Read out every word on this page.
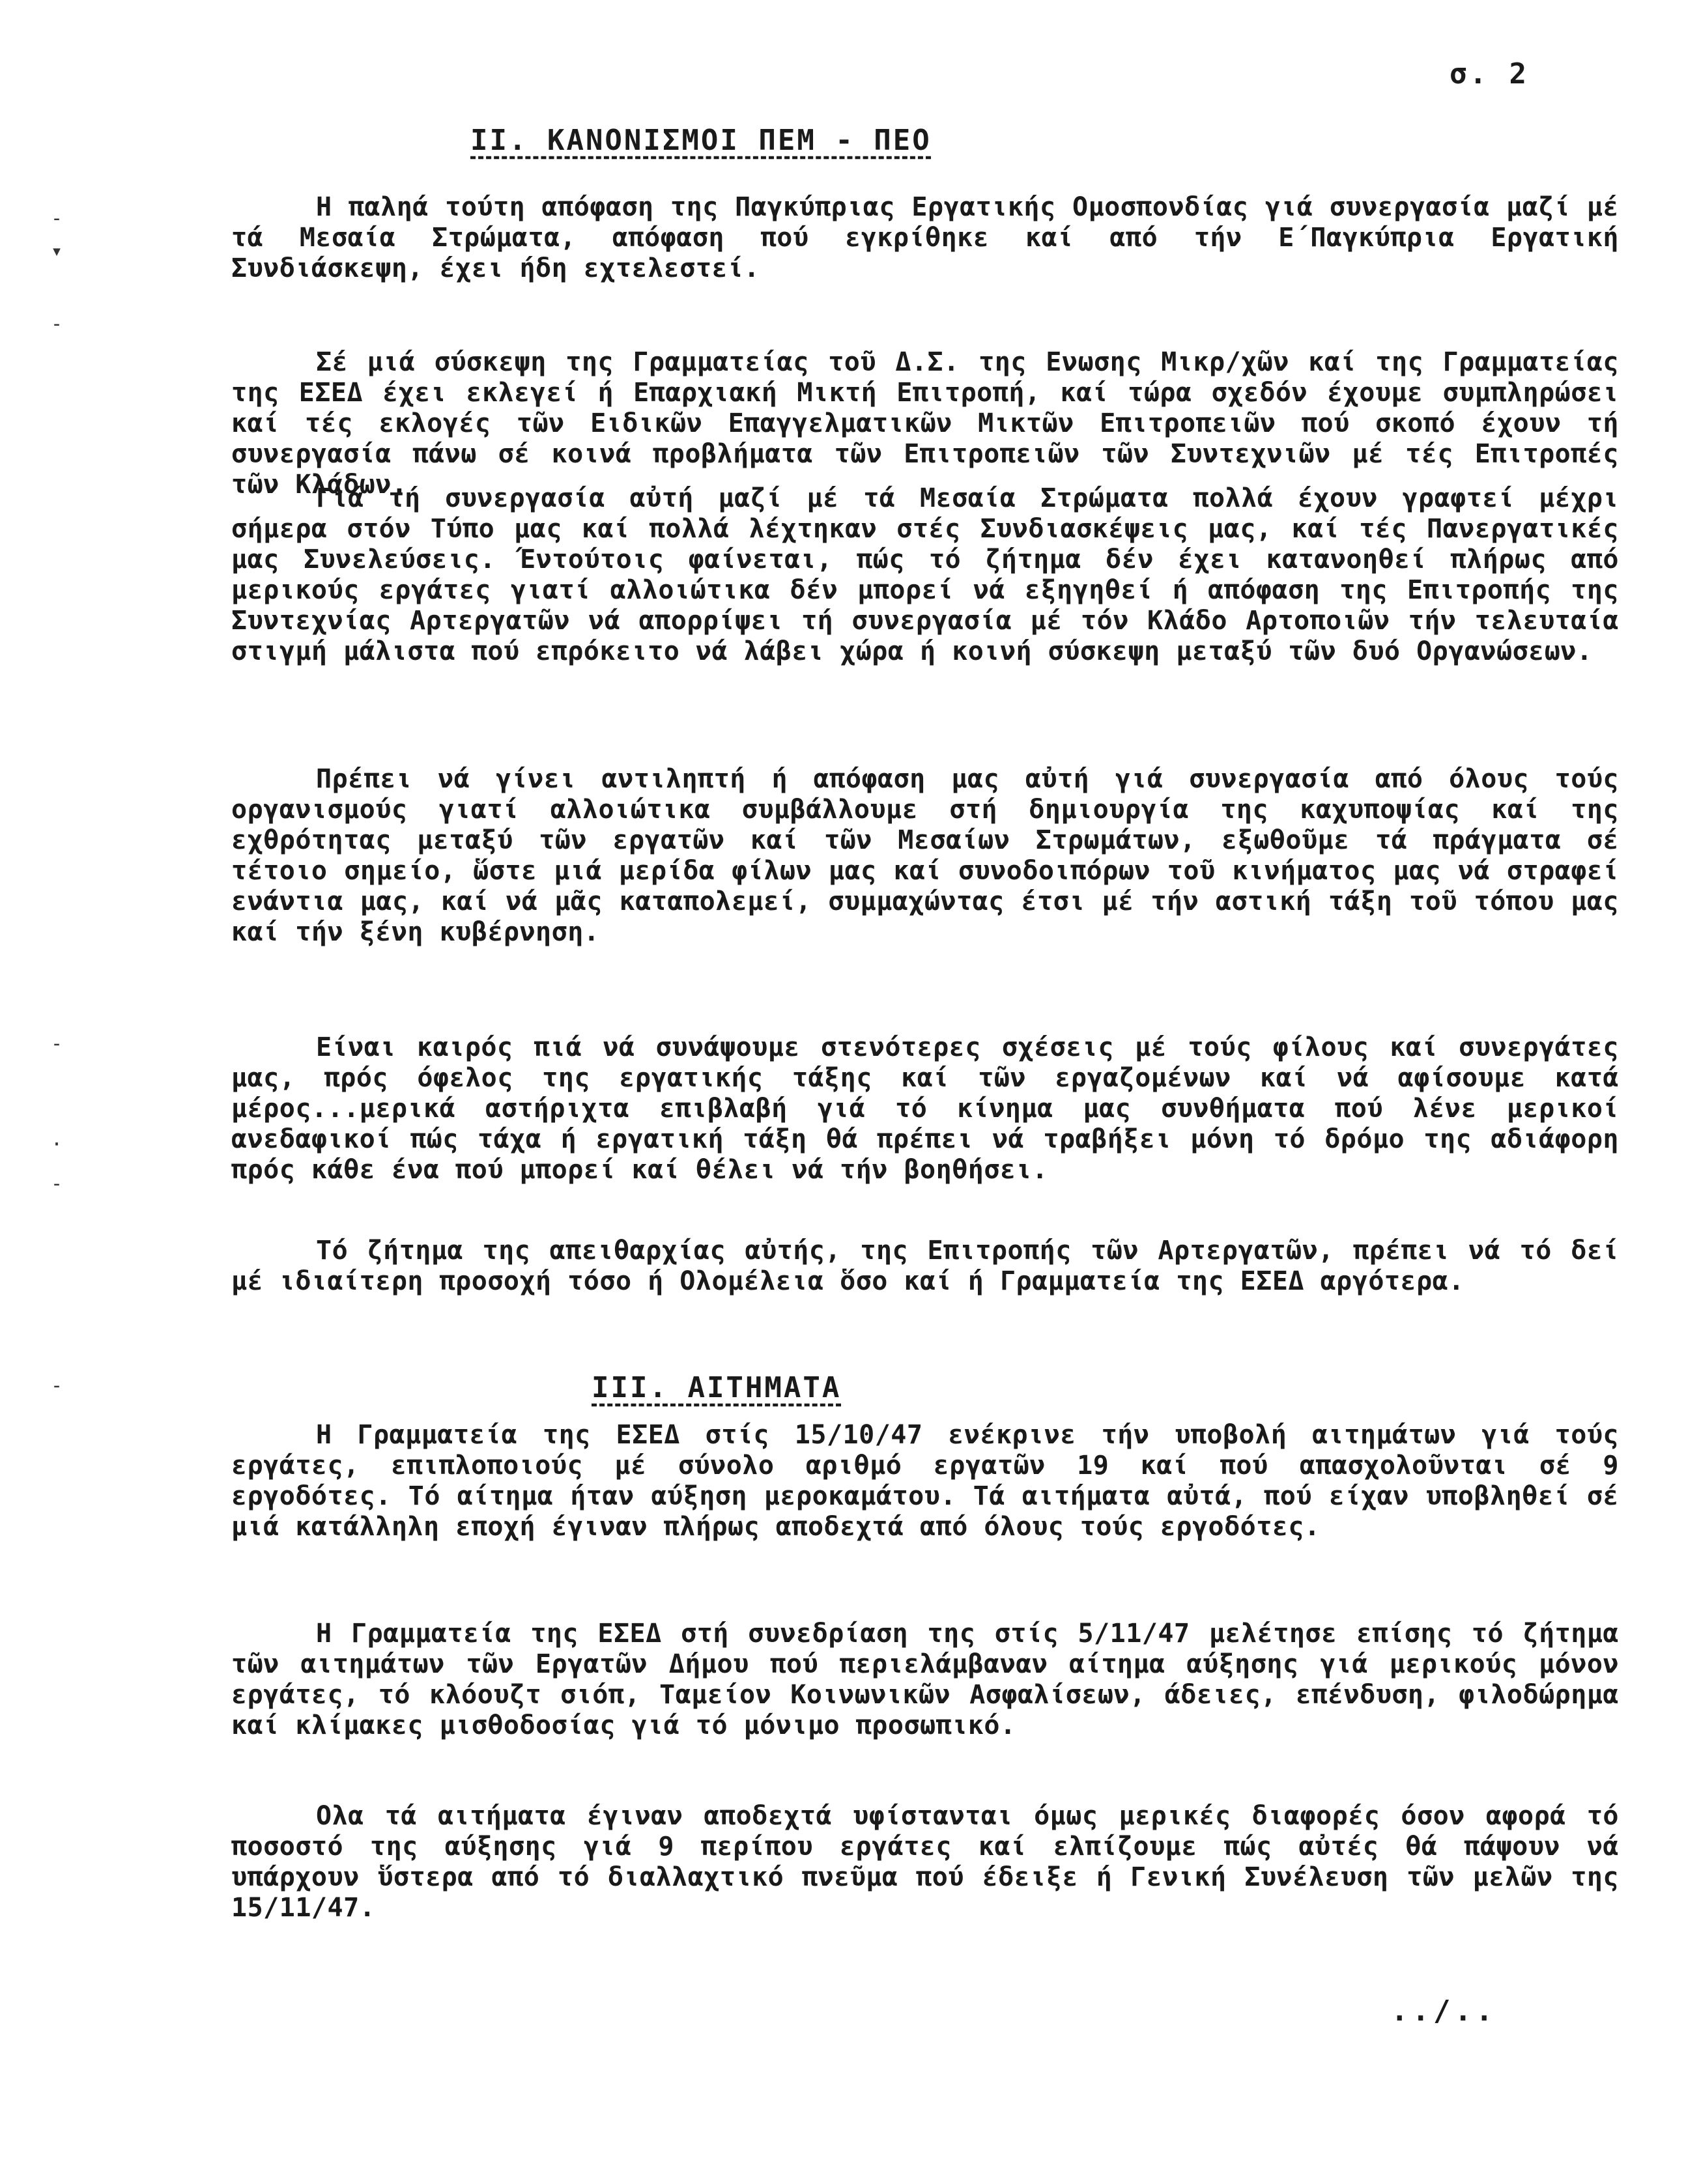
σ. 2
-
▾
-
-
·
-
-
II. ΚΑΝΟΝΙΣΜΟΙ ΠΕΜ - ΠΕΟ
Η παληά τούτη απόφαση της Παγκύπριας Εργατικής Ομοσπονδίας γιά συνεργασία μαζί μέ τά Μεσαία Στρώματα, απόφαση πού εγκρίθηκε καί από τήν Ε΄Παγκύπρια Εργατική Συνδιάσκεψη, έχει ήδη εχτελεστεί.
Σέ μιά σύσκεψη της Γραμματείας τοῦ Δ.Σ. της Ενωσης Μικρ/χῶν καί της Γραμματείας της ΕΣΕΔ έχει εκλεγεί ή Επαρχιακή Μικτή Επιτροπή, καί τώρα σχεδόν έχουμε συμπληρώσει καί τές εκλογές τῶν Ειδικῶν Επαγγελματικῶν Μικτῶν Επιτροπειῶν πού σκοπό έχουν τή συνεργασία πάνω σέ κοινά προβλήματα τῶν Επιτροπειῶν τῶν Συντεχνιῶν μέ τές Επιτροπές τῶν Κλάδων.
Γιά τή συνεργασία αὐτή μαζί μέ τά Μεσαία Στρώματα πολλά έχουν γραφτεί μέχρι σήμερα στόν Τύπο μας καί πολλά λέχτηκαν στές Συνδιασκέψεις μας, καί τές Πανεργατικές μας Συνελεύσεις. Έντούτοις φαίνεται, πώς τό ζήτημα δέν έχει κατανοηθεί πλήρως από μερικούς εργάτες γιατί αλλοιώτικα δέν μπορεί νά εξηγηθεί ή απόφαση της Επιτροπής της Συντεχνίας Αρτεργατῶν νά απορρίψει τή συνεργασία μέ τόν Κλάδο Αρτοποιῶν τήν τελευταία στιγμή μάλιστα πού επρόκειτο νά λάβει χώρα ή κοινή σύσκεψη μεταξύ τῶν δυό Οργανώσεων.
Πρέπει νά γίνει αντιληπτή ή απόφαση μας αὐτή γιά συνεργασία από όλους τούς οργανισμούς γιατί αλλοιώτικα συμβάλλουμε στή δημιουργία της καχυποψίας καί της εχθρότητας μεταξύ τῶν εργατῶν καί τῶν Μεσαίων Στρωμάτων, εξωθοῦμε τά πράγματα σέ τέτοιο σημείο, ὥστε μιά μερίδα φίλων μας καί συνοδοιπόρων τοῦ κινήματος μας νά στραφεί ενάντια μας, καί νά μᾶς καταπολεμεί, συμμαχώντας έτσι μέ τήν αστική τάξη τοῦ τόπου μας καί τήν ξένη κυβέρνηση.
Είναι καιρός πιά νά συνάψουμε στενότερες σχέσεις μέ τούς φίλους καί συνεργάτες μας, πρός όφελος της εργατικής τάξης καί τῶν εργαζομένων καί νά αφίσουμε κατά μέρος...μερικά αστήριχτα επιβλαβή γιά τό κίνημα μας συνθήματα πού λένε μερικοί ανεδαφικοί πώς τάχα ή εργατική τάξη θά πρέπει νά τραβήξει μόνη τό δρόμο της αδιάφορη πρός κάθε ένα πού μπορεί καί θέλει νά τήν βοηθήσει.
Τό ζήτημα της απειθαρχίας αὐτής, της Επιτροπής τῶν Αρτεργατῶν, πρέπει νά τό δεί μέ ιδιαίτερη προσοχή τόσο ή Ολομέλεια ὅσο καί ή Γραμματεία της ΕΣΕΔ αργότερα.
III. ΑΙΤΗΜΑΤΑ
Η Γραμματεία της ΕΣΕΔ στίς 15/10/47 ενέκρινε τήν υποβολή αιτημάτων γιά τούς εργάτες, επιπλοποιούς μέ σύνολο αριθμό εργατῶν 19 καί πού απασχολοῦνται σέ 9 εργοδότες. Τό αίτημα ήταν αύξηση μεροκαμάτου. Τά αιτήματα αὐτά, πού είχαν υποβληθεί σέ μιά κατάλληλη εποχή έγιναν πλήρως αποδεχτά από όλους τούς εργοδότες.
Η Γραμματεία της ΕΣΕΔ στή συνεδρίαση της στίς 5/11/47 μελέτησε επίσης τό ζήτημα τῶν αιτημάτων τῶν Εργατῶν Δήμου πού περιελάμβαναν αίτημα αύξησης γιά μερικούς μόνον εργάτες, τό κλόουζτ σιόπ, Ταμείον Κοινωνικῶν Ασφαλίσεων, άδειες, επένδυση, φιλοδώρημα καί κλίμακες μισθοδοσίας γιά τό μόνιμο προσωπικό.
Ολα τά αιτήματα έγιναν αποδεχτά υφίστανται όμως μερικές διαφορές όσον αφορά τό ποσοστό της αύξησης γιά 9 περίπου εργάτες καί ελπίζουμε πώς αὐτές θά πάψουν νά υπάρχουν ὕστερα από τό διαλλαχτικό πνεῦμα πού έδειξε ή Γενική Συνέλευση τῶν μελῶν της 15/11/47.
../..
